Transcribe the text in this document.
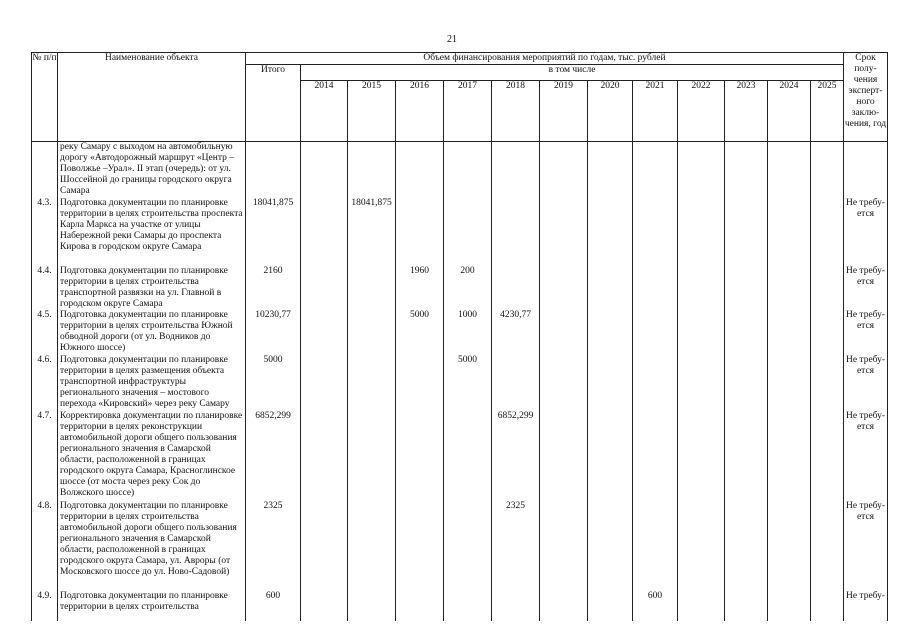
21
№ п/п	Наименование объекта	Объем финансирования мероприятий по годам, тыс. рублей													Срок полу-чения эксперт-ного заклю-чения, год
		Итого	в том числе												
			2014	2015	2016	2017	2018	2019	2020	2021	2022	2023	2024	2025	
	реку Самару с выходом на автомобильную дорогу «Автодорожный маршрут «Центр – Поволжье –Урал». II этап (очередь): от ул. Шоссейной до границы городского округа Самара														
4.3.	Подготовка документации по планировке территории в целях строительства проспекта Карла Маркса на участке от улицы Набережной реки Самары до проспекта Кирова в городском округе Самара	18041,875		18041,875											Не требу-ется
4.4.	Подготовка документации по планировке территории в целях строительства транспортной развязки на ул. Главной в городском округе Самара	2160			1960	200									Не требу-ется
4.5.	Подготовка документации по планировке территории в целях строительства Южной обводной дороги (от ул. Водников до Южного шоссе)	10230,77			5000	1000	4230,77								Не требу-ется
4.6.	Подготовка документации по планировке территории в целях размещения объекта транспортной инфраструктуры регионального значения – мостового перехода «Кировский» через реку Самару	5000				5000									Не требу-ется
4.7.	Корректировка документации по планировке территории в целях реконструкции автомобильной дороги общего пользования регионального значения в Самарской области, расположенной в границах городского округа Самара, Красноглинское шоссе (от моста через реку Сок до Волжского шоссе)	6852,299					6852,299								Не требу-ется
4.8.	Подготовка документации по планировке территории в целях строительства автомобильной дороги общего пользования регионального значения в Самарской области, расположенной в границах городского округа Самара, ул. Авроры (от Московского шоссе до ул. Ново-Садовой)	2325					2325								Не требу-ется
4.9.	Подготовка документации по планировке территории в целях строительства	600								600					Не требу-
